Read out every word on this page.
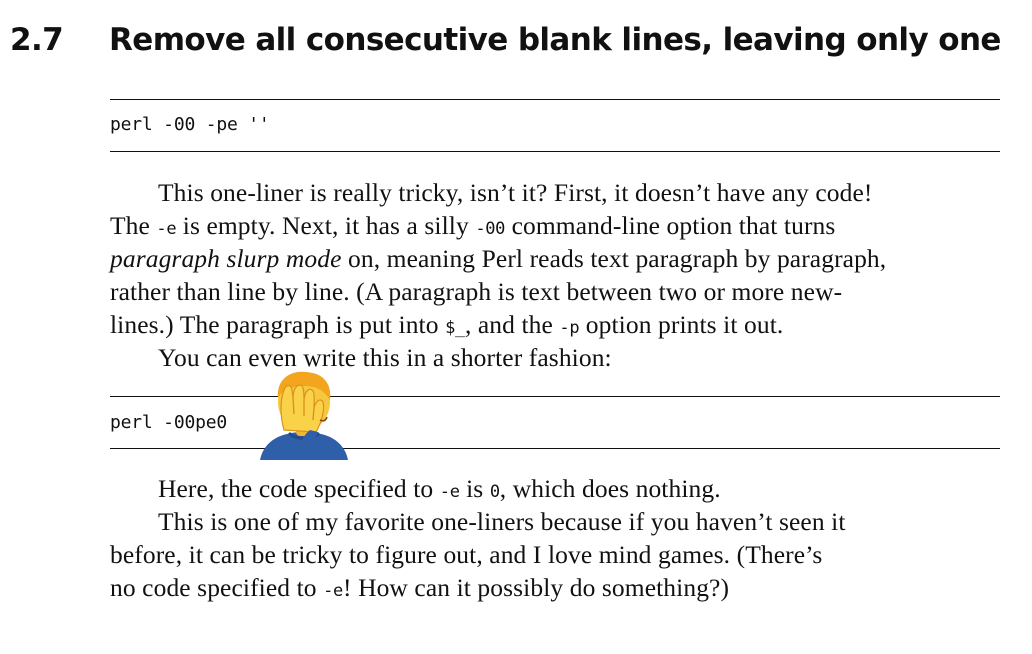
2.7 Remove all consecutive blank lines, leaving only one
perl -00 -pe ''
This one-liner is really tricky, isn’t it? First, it doesn’t have any code!
The -e is empty. Next, it has a silly -00 command-line option that turns
paragraph slurp mode on, meaning Perl reads text paragraph by paragraph,
rather than line by line. (A paragraph is text between two or more new-
lines.) The paragraph is put into $_, and the -p option prints it out.
You can even write this in a shorter fashion:
perl -00pe0
Here, the code specified to -e is 0, which does nothing.
This is one of my favorite one-liners because if you haven’t seen it
before, it can be tricky to figure out, and I love mind games. (There’s
no code specified to -e! How can it possibly do something?)
